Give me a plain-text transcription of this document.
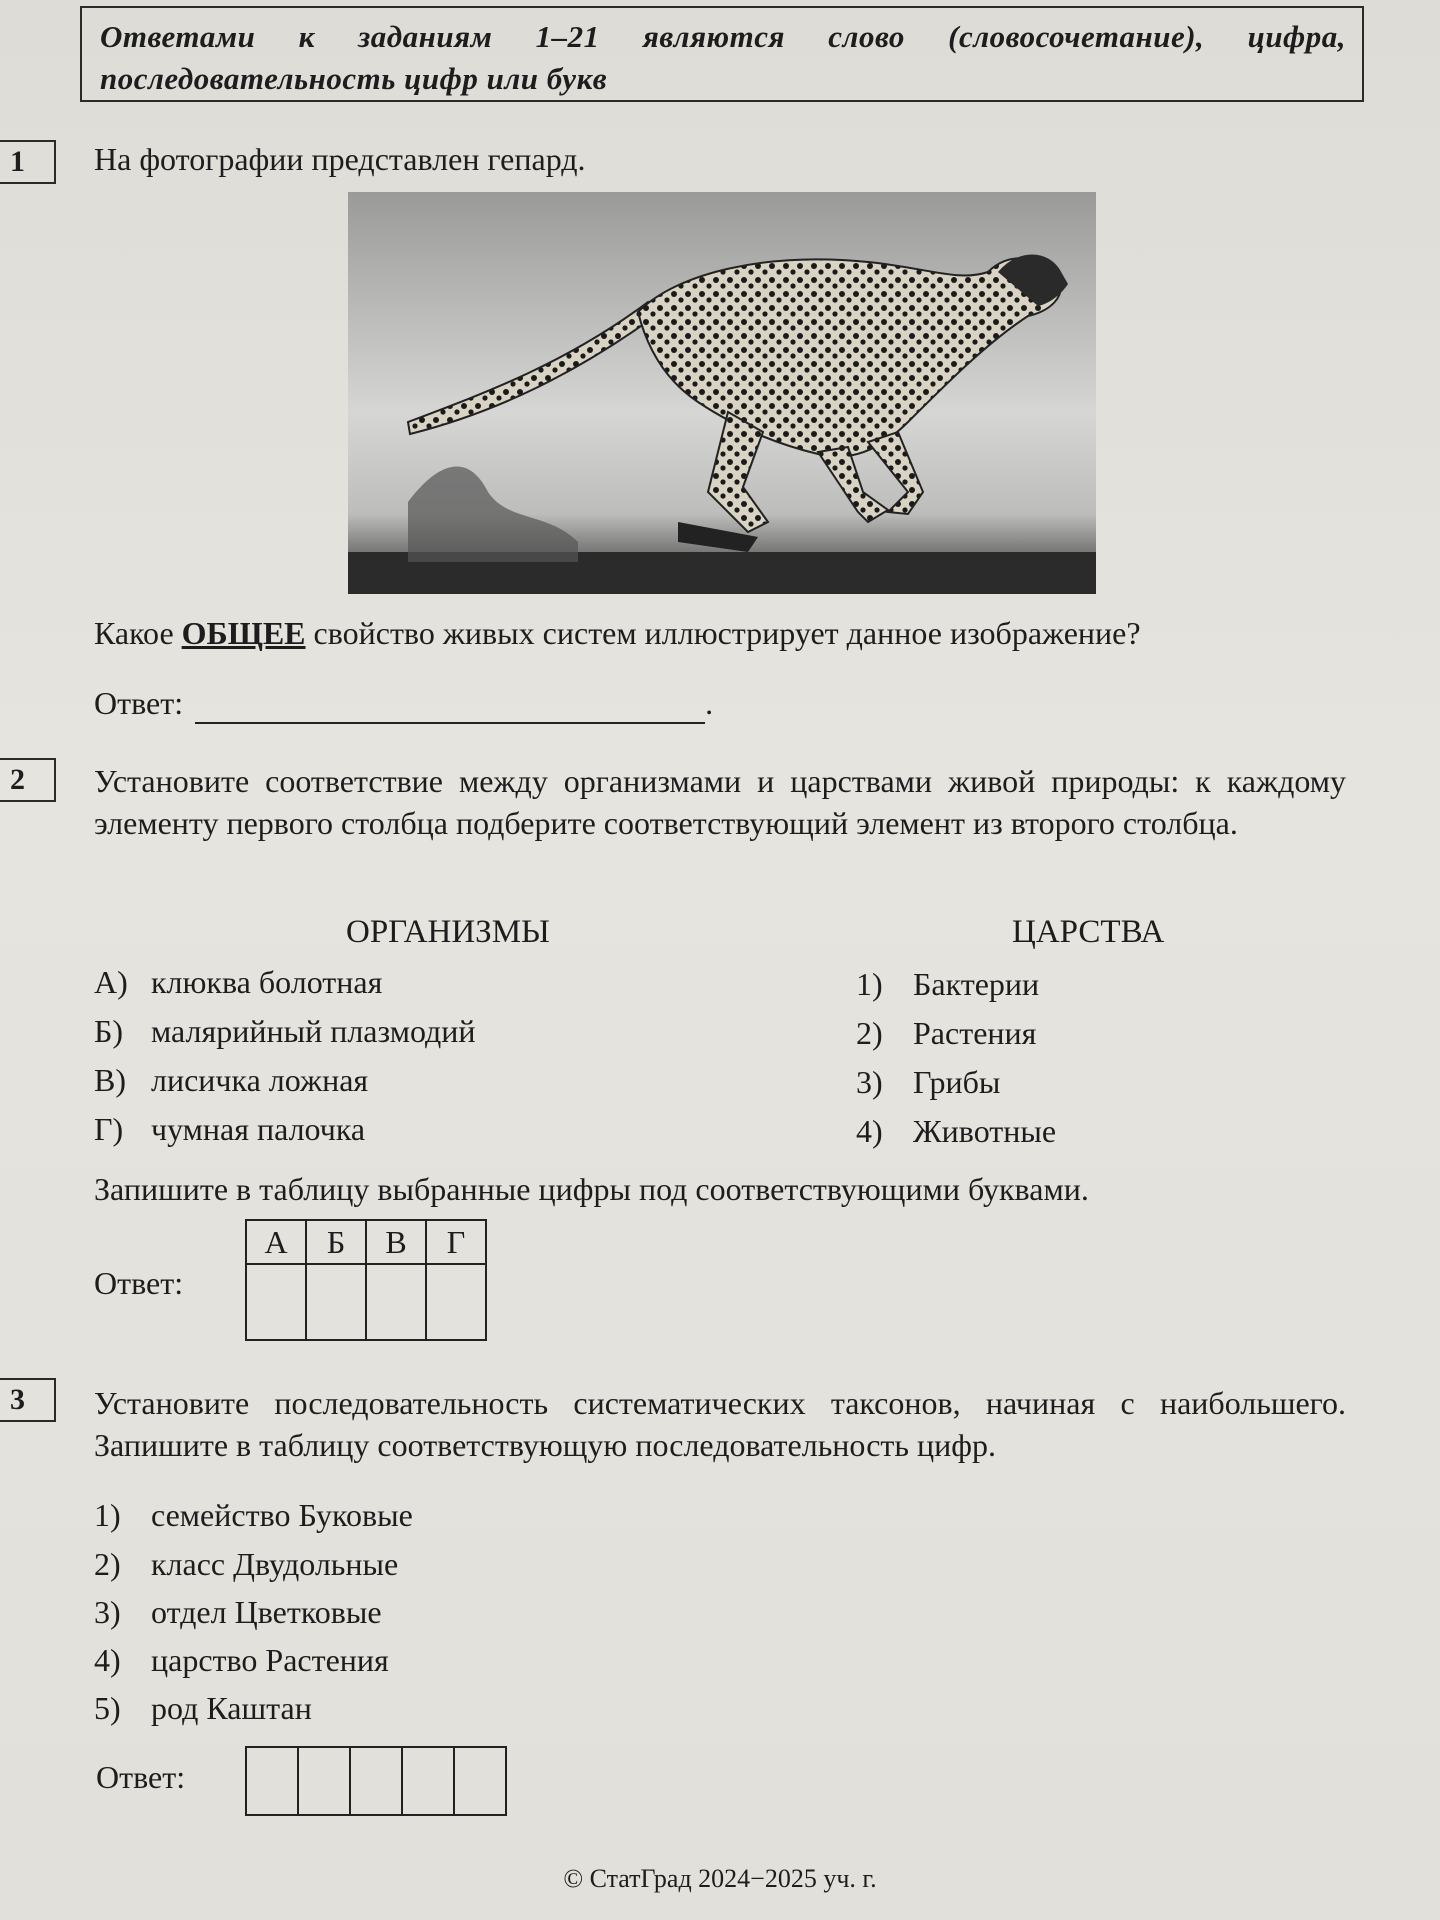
Ответами к заданиям 1–21 являются слово (словосочетание), цифра, последовательность цифр или букв
1	На фотографии представлен гепард.
Какое ОБЩЕЕ свойство живых систем иллюстрирует данное изображение?
Ответ:	.
2	Установите соответствие между организмами и царствами живой природы: к каждому элементу первого столбца подберите соответствующий элемент из второго столбца.
ОРГАНИЗМЫ	ЦАРСТВА
А) клюква болотная
Б) малярийный плазмодий
В) лисичка ложная
Г) чумная палочка
1) Бактерии
2) Растения
3) Грибы
4) Животные
Запишите в таблицу выбранные цифры под соответствующими буквами.
Ответ:
А	Б	В	Г

3	Установите последовательность систематических таксонов, начиная с наибольшего. Запишите в таблицу соответствующую последовательность цифр.
1) семейство Буковые
2) класс Двудольные
3) отдел Цветковые
4) царство Растения
5) род Каштан
Ответ:

© СтатГрад 2024−2025 уч. г.
